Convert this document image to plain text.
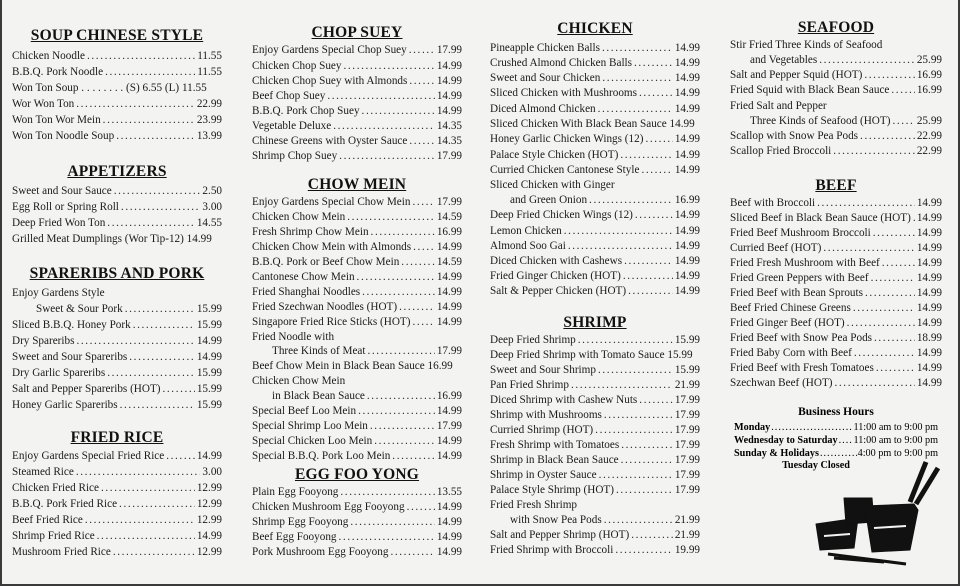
SOUP CHINESE STYLE
Chicken Noodle .....	11.55
B.B.Q. Pork Noodle .....	11.55
Won Ton Soup . . . . . . . . (S) 6.55 (L) 11.55
Wor Won Ton .....	22.99
Won Ton Wor Mein .....	23.99
Won Ton Noodle Soup .....	13.99
APPETIZERS
Sweet and Sour Sauce .....	2.50
Egg Roll or Spring Roll .....	3.00
Deep Fried Won Ton .....	14.55
Grilled Meat Dumplings (Wor Tip-12) 14.99
SPARERIBS AND PORK
Enjoy Gardens Style
Sweet & Sour Pork .....	15.99
Sliced B.B.Q. Honey Pork .....	15.99
Dry Spareribs .....	14.99
Sweet and Sour Spareribs .....	14.99
Dry Garlic Spareribs .....	15.99
Salt and Pepper Spareribs (HOT) .....	15.99
Honey Garlic Spareribs .....	15.99
FRIED RICE
Enjoy Gardens Special Fried Rice .....	14.99
Steamed Rice .....	3.00
Chicken Fried Rice .....	12.99
B.B.Q. Pork Fried Rice .....	12.99
Beef Fried Rice .....	12.99
Shrimp Fried Rice .....	14.99
Mushroom Fried Rice .....	12.99
CHOP SUEY
Enjoy Gardens Special Chop Suey .....	17.99
Chicken Chop Suey .....	14.99
Chicken Chop Suey with Almonds .....	14.99
Beef Chop Suey .....	14.99
B.B.Q. Pork Chop Suey .....	14.99
Vegetable Deluxe .....	14.35
Chinese Greens with Oyster Sauce .....	14.35
Shrimp Chop Suey .....	17.99
CHOW MEIN
Enjoy Gardens Special Chow Mein ..... 17.99
Chicken Chow Mein .....	14.59
Fresh Shrimp Chow Mein .....	16.99
Chicken Chow Mein with Almonds ..... 14.99
B.B.Q. Pork or Beef Chow Mein .....	14.59
Cantonese Chow Mein .....	14.99
Fried Shanghai Noodles .....	14.99
Fried Szechwan Noodles (HOT) .....	14.99
Singapore Fried Rice Sticks (HOT) ..... 14.99
Fried Noodle with
Three Kinds of Meat .....	17.99
Beef Chow Mein in Black Bean Sauce 16.99
Chicken Chow Mein
in Black Bean Sauce .....	16.99
Special Beef Loo Mein .....	14.99
Special Shrimp Loo Mein .....	17.99
Special Chicken Loo Mein .....	14.99
Special B.B.Q. Pork Loo Mein .....	14.99
EGG FOO YONG
Plain Egg Fooyong .....	13.55
Chicken Mushroom Egg Fooyong .....	14.99
Shrimp Egg Fooyong .....	14.99
Beef Egg Fooyong .....	14.99
Pork Mushroom Egg Fooyong .....	14.99
CHICKEN
Pineapple Chicken Balls .....	14.99
Crushed Almond Chicken Balls .....	14.99
Sweet and Sour Chicken .....	14.99
Sliced Chicken with Mushrooms .....	14.99
Diced Almond Chicken .....	14.99
Sliced Chicken With Black Bean Sauce 14.99
Honey Garlic Chicken Wings (12) .....	14.99
Palace Style Chicken (HOT) .....	14.99
Curried Chicken Cantonese Style .....	14.99
Sliced Chicken with Ginger
and Green Onion .....	16.99
Deep Fried Chicken Wings (12) .....	14.99
Lemon Chicken .....	14.99
Almond Soo Gai .....	14.99
Diced Chicken with Cashews .....	14.99
Fried Ginger Chicken (HOT) .....	14.99
Salt & Pepper Chicken (HOT) .....	14.99
SHRIMP
Deep Fried Shrimp .....	15.99
Deep Fried Shrimp with Tomato Sauce 15.99
Sweet and Sour Shrimp .....	15.99
Pan Fried Shrimp .....	21.99
Diced Shrimp with Cashew Nuts .....	17.99
Shrimp with Mushrooms .....	17.99
Curried Shrimp (HOT) .....	17.99
Fresh Shrimp with Tomatoes .....	17.99
Shrimp in Black Bean Sauce .....	17.99
Shrimp in Oyster Sauce .....	17.99
Palace Style Shrimp (HOT) .....	17.99
Fried Fresh Shrimp
with Snow Pea Pods .....	21.99
Salt and Pepper Shrimp (HOT) .....	21.99
Fried Shrimp with Broccoli .....	19.99
SEAFOOD
Stir Fried Three Kinds of Seafood
and Vegetables .....	25.99
Salt and Pepper Squid (HOT) .....	16.99
Fried Squid with Black Bean Sauce ..... 16.99
Fried Salt and Pepper
Three Kinds of Seafood (HOT) ..... 25.99
Scallop with Snow Pea Pods .....	22.99
Scallop Fried Broccoli .....	22.99
BEEF
Beef with Broccoli .....	14.99
Sliced Beef in Black Bean Sauce (HOT) ..... 14.99
Fried Beef Mushroom Broccoli .....	14.99
Curried Beef (HOT) .....	14.99
Fried Fresh Mushroom with Beef .....	14.99
Fried Green Peppers with Beef .....	14.99
Fried Beef with Bean Sprouts .....	14.99
Beef Fried Chinese Greens .....	14.99
Fried Ginger Beef (HOT) .....	14.99
Fried Beef with Snow Pea Pods .....	18.99
Fried Baby Corn with Beef .....	14.99
Fried Beef with Fresh Tomatoes .....	14.99
Szechwan Beef (HOT) .....	14.99
Business Hours
Monday .....	11:00 am to 9:00 pm
Wednesday to Saturday ..... 11:00 am to 9:00 pm
Sunday & Holidays .....	4:00 pm to 9:00 pm
Tuesday Closed
